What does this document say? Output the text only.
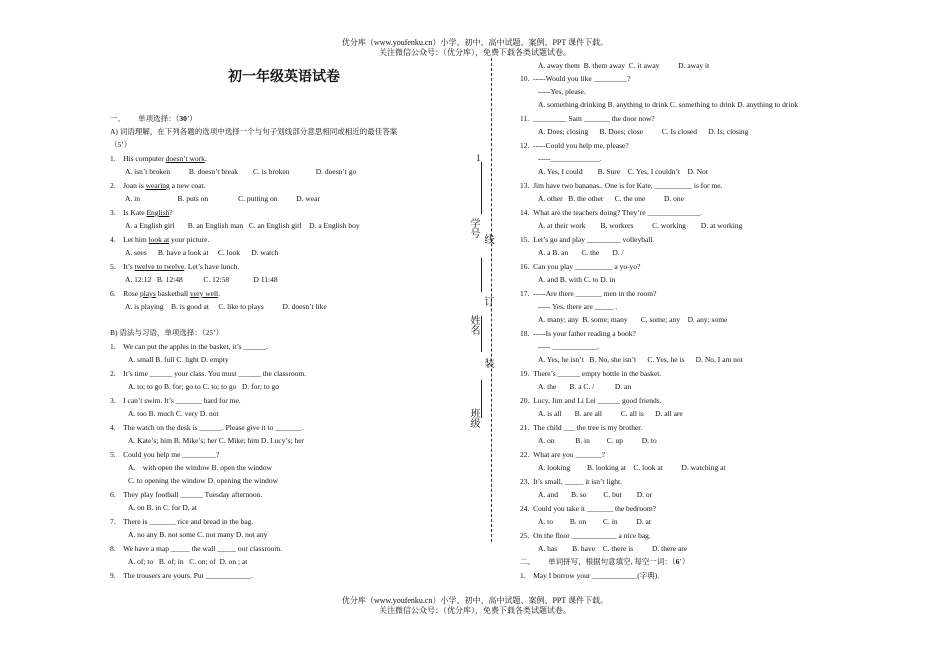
优分库（www.youfenku.cn）小学、初中、高中试题、案例、PPT 课件下载。
关注微信公众号：（优分库），免费下载各类试题试卷。
初一年级英语试卷
1
学号
线
订
姓名
装
班级
一、 单项选择：（30’）
A) 词语理解，在下列各题的选项中选择一个与句子划线部分意思相同或相近的最佳答案
（5’）
1. His computer doesn’t work.
A. isn’t broken          B. doesn’t break        C. is broken              D. doesn’t go
2. Joan is wearing a new coat.
A. in                    B. puts on                C. putting on          D. wear
3. Is Kate English?
A. a English girl       B. an English man   C. an English girl    D. a English boy
4. Let him look at your picture.
A. sees      B. have a look at     C. look      D. watch
5. It’s twelve to twelve. Let’s have lunch.
A. 12:12   B. 12:48           C. 12:58             D 11:48
6. Rose plays basketball very well.
A. is playing    B. is good at     C. like to plays          D. doesn’t like
B) 语法与习语，单项选择：（25’）
1. We can put the apples in the basket, it’s ______.
A. small B. full C. light D. empty
2. It’s time ______ your class. You must ______ the classroom.
A. to; to go B. for; go to C. to; to go   D. for; to go
3. I can’t swim. It’s _______ hard for me.
A. too B. much C. very D. not
4. The watch on the desk is ______. Please give it to _______.
A. Kate’s; him B. Mike’s; her C. Mike; him D. Lucy’s; her
5. Could you help me _________?
A.    with open the window B. open the window
C. to opening the window D. opening the window
6. They play football ______ Tuesday afternoon.
A. on B. in C. for D. at
7. There is _______ rice and bread in the bag.
A. no any B. not some C. not many D. not any
8. We have a map _____ the wall _____ our classroom.
A. of; to   B. of; in   C. on; of  D. on ; at
9. The trousers are yours. Put ____________.
A. away them  B. them away  C. it away          D. away it
10. -----Would you like _________?
-----Yes, please.
A. something drinking B. anything to drink C. something to drink D. anything to drink
11. _________ Sam _______ the door now?
A. Does; closing      B. Does; close          C. Is closed      D. Is; closing
12. -----Could you help me, please?
-----_____________.
A. Yes, I could        B. Sure    C. Yes, I couldn’t    D. Not
13. Jim have two bananas.. One is for Kate, __________ is for me.
A. other   B. the other      C. the one          D. one
14. What are the teachers doing? They’re ______________.
A. at their work        B. workers          C. working        D. at working
15. Let’s go and play _________ volleyball.
A. a B. an       C. the       D. /
16. Can you play __________ a yo-yo?
A. and B. with C. to D. in
17. -----Are there _______ men in the room?
----- Yes, there are _____ .
A. many; any  B. some; many       C. some; any    D. any; some
18. -----Is your father reading a book?
----- ____________.
A. Yes, he isn’t   B. No, she isn’t      C. Yes, he is      D. No, I am not
19. There’s ______ empty bottle in the basket.
A. the       B. a C. /           D. an
20. Lucy, Jim and Li Lei ______ good friends.
A. is all       B. are all          C. all is      D. all are
21. The child ___ the tree is my brother.
A. on           B. in         C. up          D. to
22. What are you _______?
A. looking         B. looking at    C. look at          D. watching at
23. It’s small, _____ it isn’t light.
A. and       B. so         C. but        D. or
24. Could you take it _______ the bedroom?
A. to         B. on         C. in          D. at
25. On the floor ____________ a nice bag.
A. has        B. have    C. there is          D. there are
二、 单词拼写，根据句意填空, 每空一词：（6’）
1. May I borrow your ____________(字典).
优分库（www.youfenku.cn）小学、初中、高中试题、案例、PPT 课件下载。
关注微信公众号：（优分库），免费下载各类试题试卷。
